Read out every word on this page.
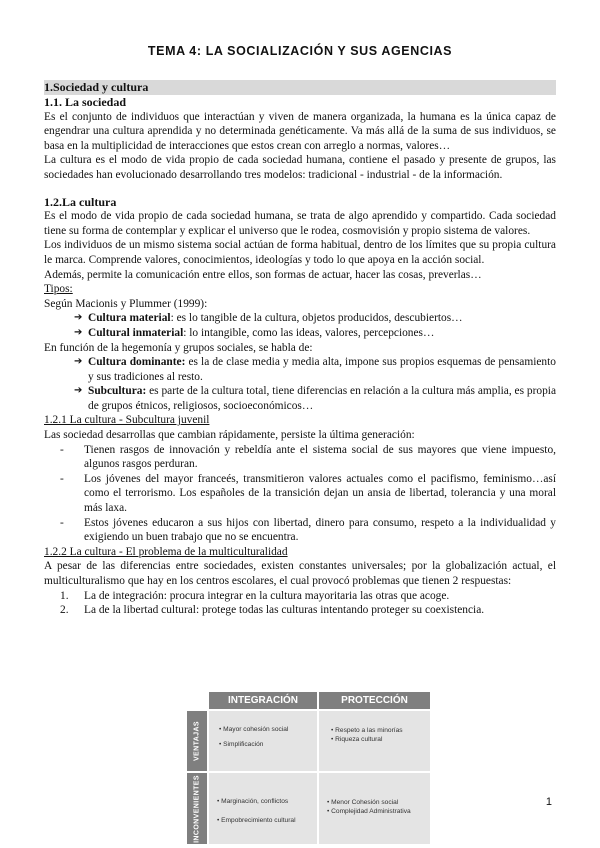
TEMA 4: LA SOCIALIZACIÓN Y SUS AGENCIAS
1.Sociedad y cultura
1.1. La sociedad

Es el conjunto de individuos que interactúan y viven de manera organizada, la humana es la única capaz de engendrar una cultura aprendida y no determinada genéticamente. Va más allá de la suma de sus individuos, se basa en la multiplicidad de interacciones que estos crean con arreglo a normas, valores…

La cultura es el modo de vida propio de cada sociedad humana, contiene el pasado y presente de grupos, las sociedades han evolucionado desarrollando tres modelos: tradicional - industrial - de la información.

1.2.La cultura

Es el modo de vida propio de cada sociedad humana, se trata de algo aprendido y compartido. Cada sociedad tiene su forma de contemplar y explicar el universo que le rodea, cosmovisión y propio sistema de valores.

Los individuos de un mismo sistema social actúan de forma habitual, dentro de los límites que su propia cultura le marca. Comprende valores, conocimientos, ideologías y todo lo que apoya en la acción social.

Además, permite la comunicación entre ellos, son formas de actuar, hacer las cosas, preverlas…

Tipos:

Según Macionis y Plummer (1999):

➔ Cultura material: es lo tangible de la cultura, objetos producidos, descubiertos…
➔ Cultural inmaterial: lo intangible, como las ideas, valores, percepciones…

En función de la hegemonía y grupos sociales, se habla de:

➔ Cultura dominante: es la de clase media y media alta, impone sus propios esquemas de pensamiento y sus tradiciones al resto.
➔ Subcultura: es parte de la cultura total, tiene diferencias en relación a la cultura más amplia, es propia de grupos étnicos, religiosos, socioeconómicos…

1.2.1 La cultura - Subcultura juvenil

Las sociedad desarrollas que cambian rápidamente, persiste la última generación:

- Tienen rasgos de innovación y rebeldía ante el sistema social de sus mayores que viene impuesto, algunos rasgos perduran.
- Los jóvenes del mayor franceés, transmitieron valores actuales como el pacifismo, feminismo…así como el terrorismo. Los españoles de la transición dejan un ansia de libertad, tolerancia y una moral más laxa.
- Estos jóvenes educaron a sus hijos con libertad, dinero para consumo, respeto a la individualidad y exigiendo un buen trabajo que no se encuentra.

1.2.2 La cultura - El problema de la multiculturalidad

A pesar de las diferencias entre sociedades, existen constantes universales; por la globalización actual, el multiculturalismo que hay en los centros escolares, el cual provocó problemas que tienen 2 respuestas:

1. La de integración: procura integrar en la cultura mayoritaria las otras que acoge.
2. La de la libertad cultural: protege todas las culturas intentando proteger su coexistencia.
INTEGRACIÓN	PROTECCIÓN
VENTAJAS
INCONVENIENTES
• Mayor cohesión social
• Simplificación
• Respeto a las minorías
• Riqueza cultural
• Marginación, conflictos
• Empobrecimiento cultural
• Menor Cohesión social
• Complejidad Administrativa
1
